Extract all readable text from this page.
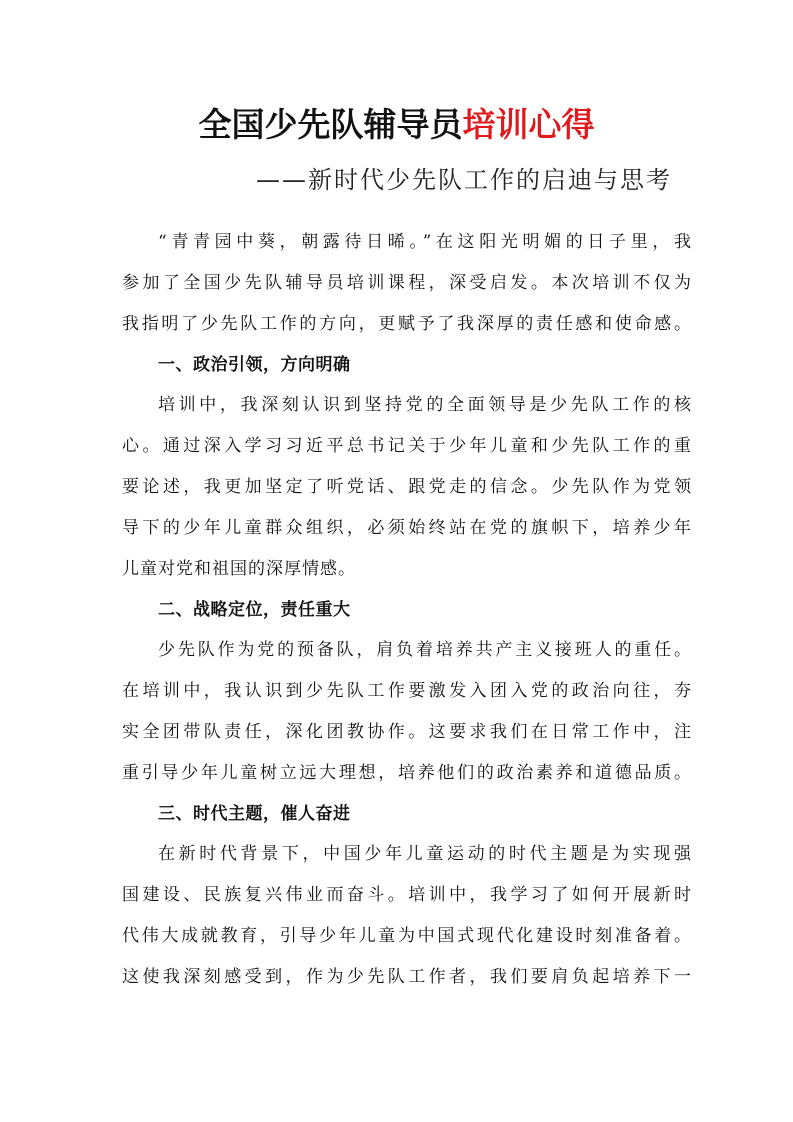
全国少先队辅导员培训心得
——新时代少先队工作的启迪与思考
“青青园中葵，朝露待日晞。”在这阳光明媚的日子里，我
参加了全国少先队辅导员培训课程，深受启发。本次培训不仅为
我指明了少先队工作的方向，更赋予了我深厚的责任感和使命感。
一、政治引领，方向明确
培训中，我深刻认识到坚持党的全面领导是少先队工作的核
心。通过深入学习习近平总书记关于少年儿童和少先队工作的重
要论述，我更加坚定了听党话、跟党走的信念。少先队作为党领
导下的少年儿童群众组织，必须始终站在党的旗帜下，培养少年
儿童对党和祖国的深厚情感。
二、战略定位，责任重大
少先队作为党的预备队，肩负着培养共产主义接班人的重任。
在培训中，我认识到少先队工作要激发入团入党的政治向往，夯
实全团带队责任，深化团教协作。这要求我们在日常工作中，注
重引导少年儿童树立远大理想，培养他们的政治素养和道德品质。
三、时代主题，催人奋进
在新时代背景下，中国少年儿童运动的时代主题是为实现强
国建设、民族复兴伟业而奋斗。培训中，我学习了如何开展新时
代伟大成就教育，引导少年儿童为中国式现代化建设时刻准备着。
这使我深刻感受到，作为少先队工作者，我们要肩负起培养下一
